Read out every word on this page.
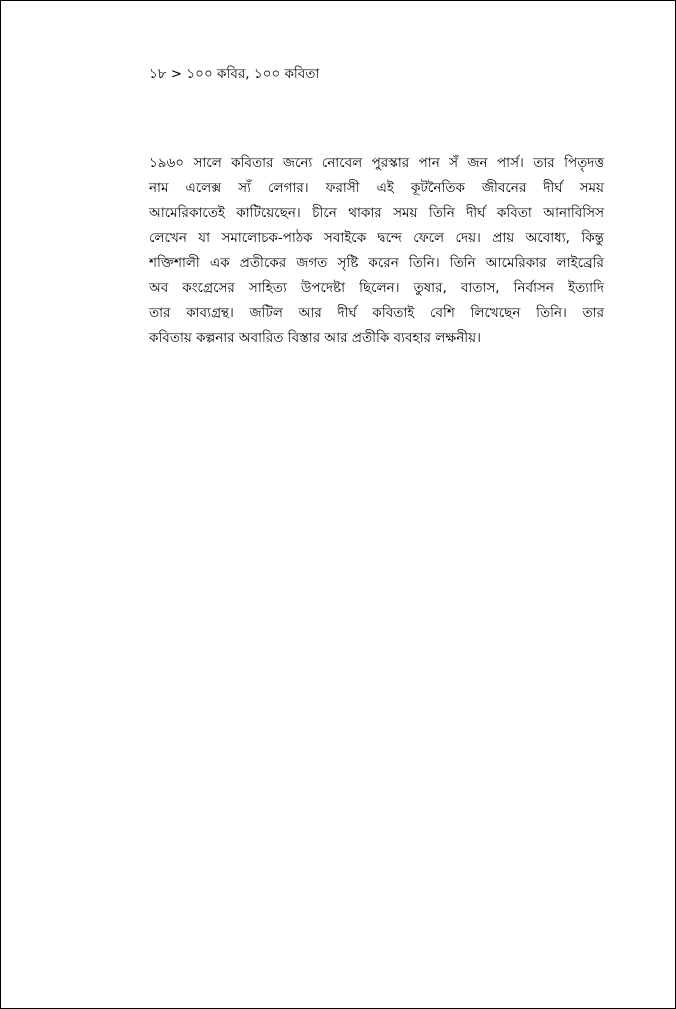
১৮ > ১০০ কবির, ১০০ কবিতা
১৯৬০ সালে কবিতার জন্যে নোবেল পুরস্কার পান সঁ জন পার্স। তার পিতৃদত্ত
নাম এলেক্স স্যঁ লেগার। ফরাসী এই কূটনৈতিক জীবনের দীর্ঘ সময়
আমেরিকাতেই কাটিয়েছেন। চীনে থাকার সময় তিনি দীর্ঘ কবিতা আনাবিসিস
লেখেন যা সমালোচক-পাঠক সবাইকে দ্বন্দে ফেলে দেয়। প্রায় অবোধ্য, কিন্তু
শক্তিশালী এক প্রতীকের জগত সৃষ্টি করেন তিনি। তিনি আমেরিকার লাইব্রেরি
অব কংগ্রেসের সাহিত্য উপদেষ্টা ছিলেন। তুষার, বাতাস, নির্বাসন ইত্যাদি
তার কাব্যগ্রন্থ। জটিল আর দীর্ঘ কবিতাই বেশি লিখেছেন তিনি। তার
কবিতায় কল্পনার অবারিত বিস্তার আর প্রতীকি ব্যবহার লক্ষনীয়।
